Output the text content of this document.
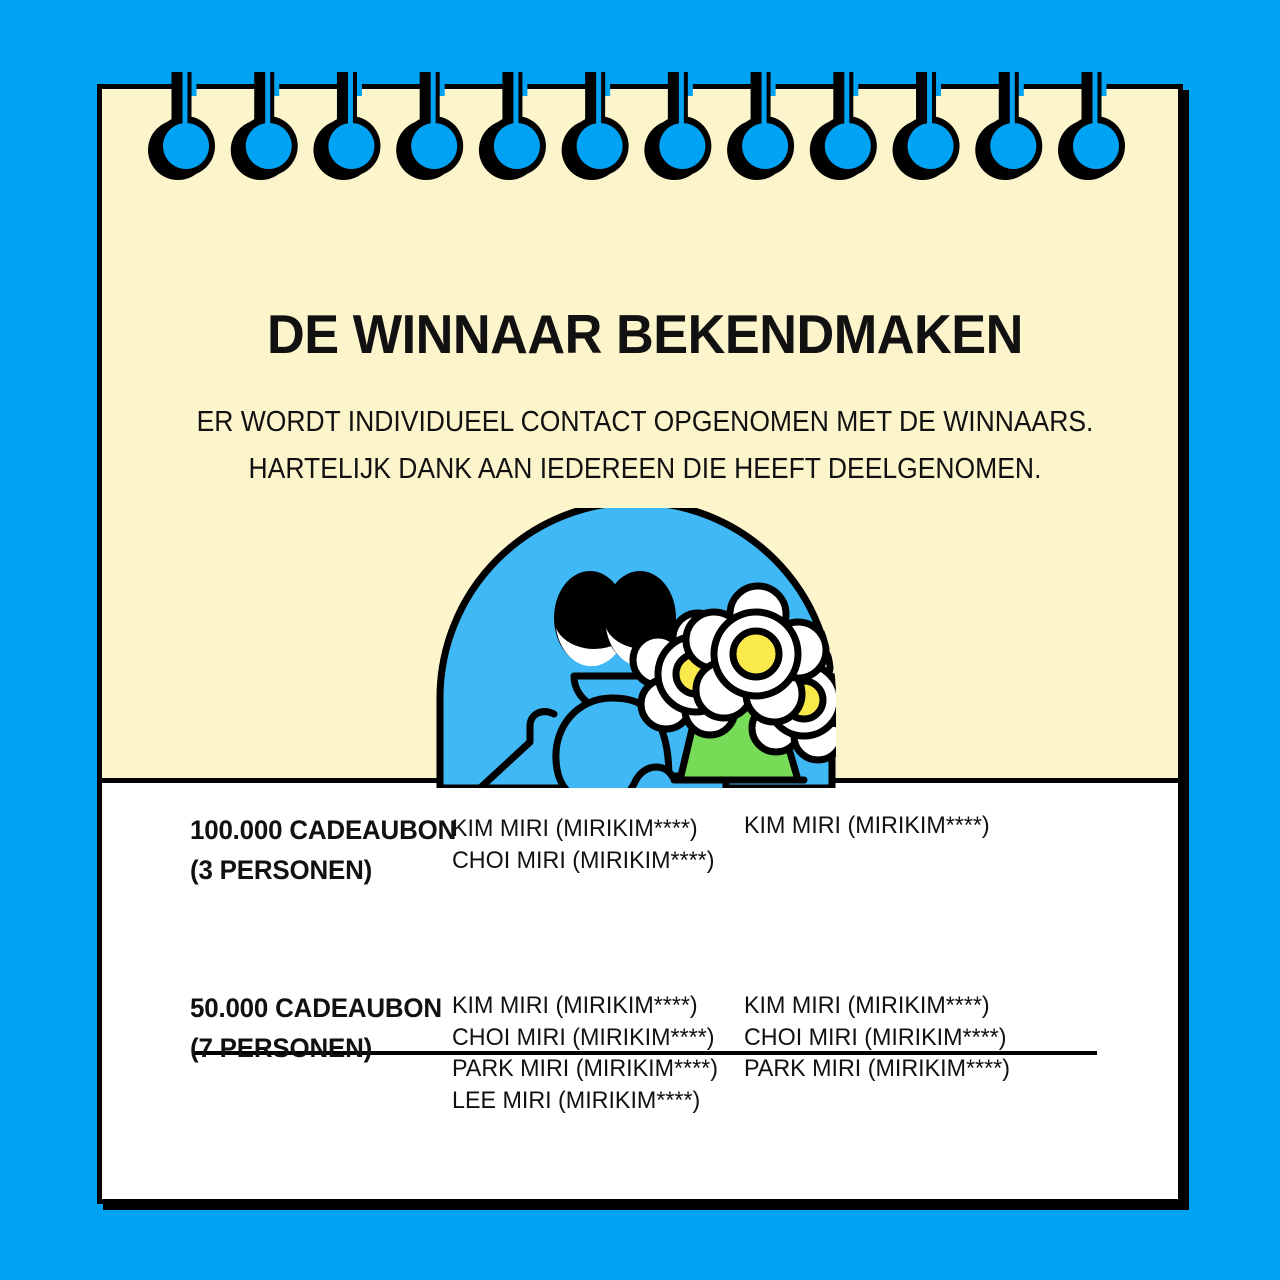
DE WINNAAR BEKENDMAKEN
ER WORDT INDIVIDUEEL CONTACT OPGENOMEN MET DE WINNAARS.
HARTELIJK DANK AAN IEDEREEN DIE HEEFT DEELGENOMEN.
100.000 CADEAUBON
(3 PERSONEN)
KIM MIRI (MIRIKIM****)
CHOI MIRI (MIRIKIM****)
KIM MIRI (MIRIKIM****)
50.000 CADEAUBON
(7 PERSONEN)
KIM MIRI (MIRIKIM****)
CHOI MIRI (MIRIKIM****)
PARK MIRI (MIRIKIM****)
LEE MIRI (MIRIKIM****)
KIM MIRI (MIRIKIM****)
CHOI MIRI (MIRIKIM****)
PARK MIRI (MIRIKIM****)
